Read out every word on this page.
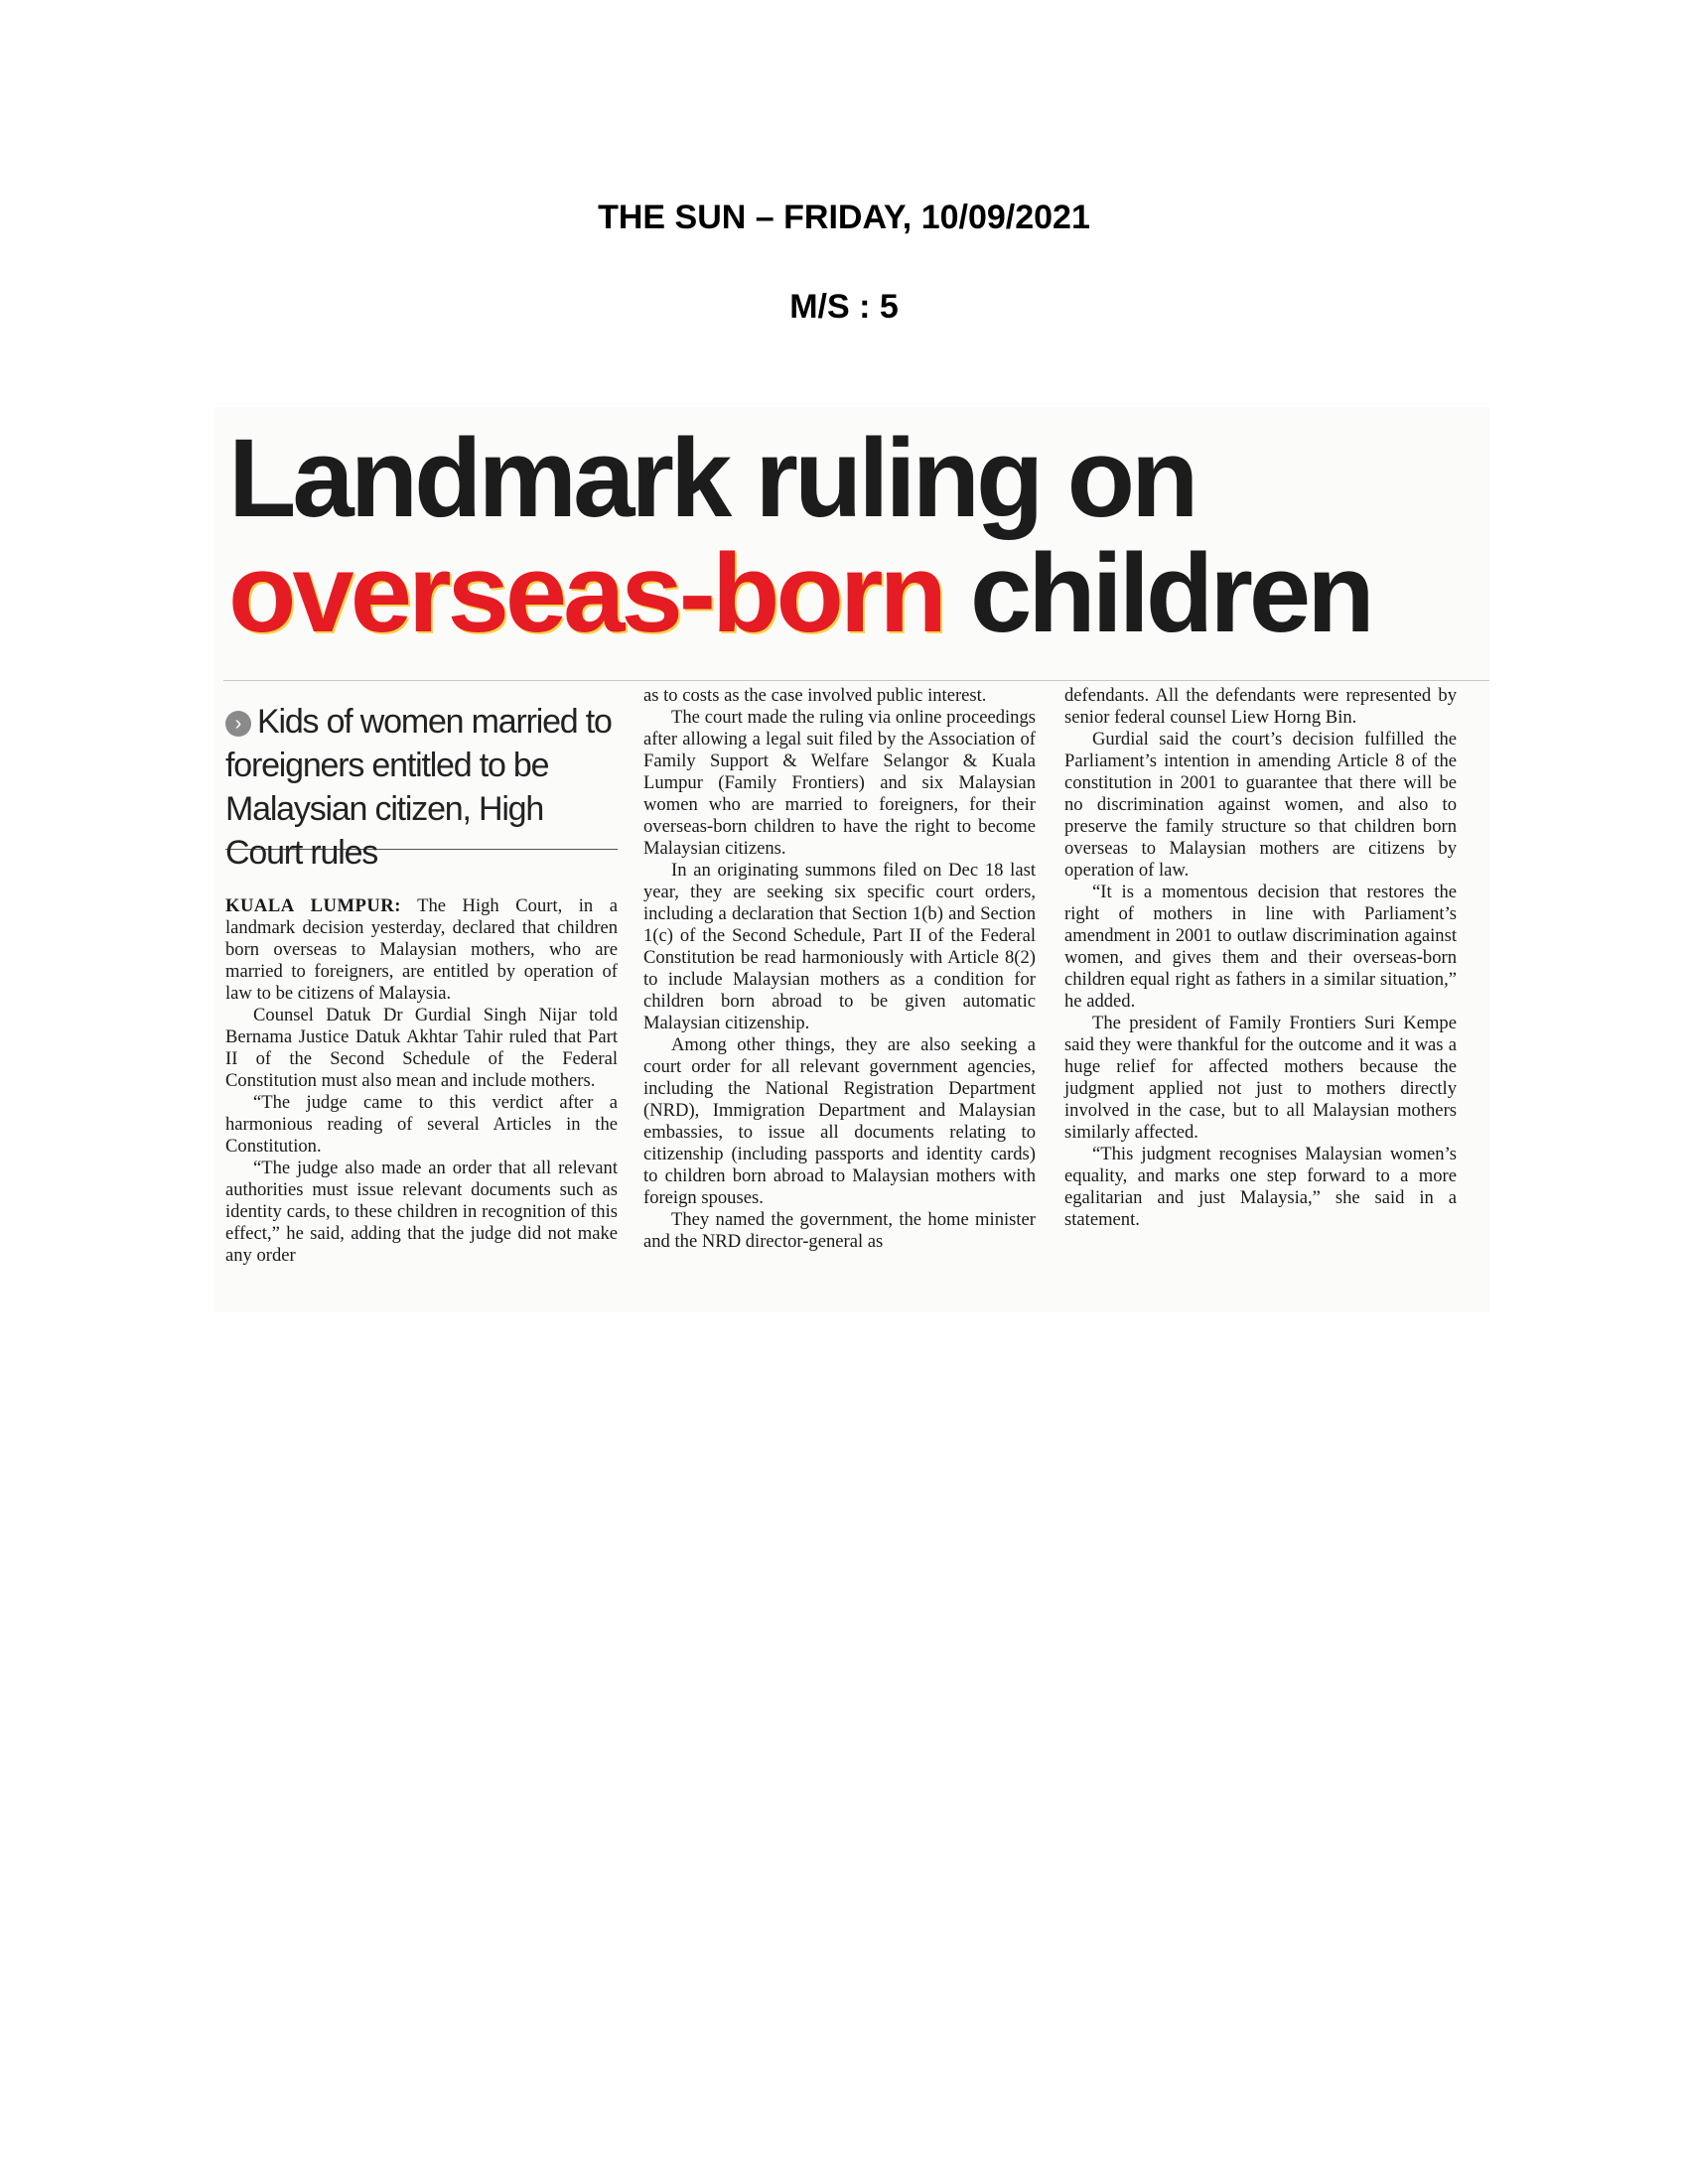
THE SUN – FRIDAY, 10/09/2021
M/S : 5
Landmark ruling on
overseas-born children
› Kids of women married to foreigners entitled to be Malaysian citizen, High Court rules

KUALA LUMPUR: The High Court, in a landmark decision yesterday, declared that children born overseas to Malaysian mothers, who are married to foreigners, are entitled by operation of law to be citizens of Malaysia.

Counsel Datuk Dr Gurdial Singh Nijar told Bernama Justice Datuk Akhtar Tahir ruled that Part II of the Second Schedule of the Federal Constitution must also mean and include mothers.

“The judge came to this verdict after a harmonious reading of several Articles in the Constitution.

“The judge also made an order that all relevant authorities must issue relevant documents such as identity cards, to these children in recognition of this effect,” he said, adding that the judge did not make any order

as to costs as the case involved public interest.

The court made the ruling via online proceedings after allowing a legal suit filed by the Association of Family Support & Welfare Selangor & Kuala Lumpur (Family Frontiers) and six Malaysian women who are married to foreigners, for their overseas-born children to have the right to become Malaysian citizens.

In an originating summons filed on Dec 18 last year, they are seeking six specific court orders, including a declaration that Section 1(b) and Section 1(c) of the Second Schedule, Part II of the Federal Constitution be read harmoniously with Article 8(2) to include Malaysian mothers as a condition for children born abroad to be given automatic Malaysian citizenship.

Among other things, they are also seeking a court order for all relevant government agencies, including the National Registration Department (NRD), Immigration Department and Malaysian embassies, to issue all documents relating to citizenship (including passports and identity cards) to children born abroad to Malaysian mothers with foreign spouses.

They named the government, the home minister and the NRD director-general as

defendants. All the defendants were represented by senior federal counsel Liew Horng Bin.

Gurdial said the court’s decision fulfilled the Parliament’s intention in amending Article 8 of the constitution in 2001 to guarantee that there will be no discrimination against women, and also to preserve the family structure so that children born overseas to Malaysian mothers are citizens by operation of law.

“It is a momentous decision that restores the right of mothers in line with Parliament’s amendment in 2001 to outlaw discrimination against women, and gives them and their overseas-born children equal right as fathers in a similar situation,” he added.

The president of Family Frontiers Suri Kempe said they were thankful for the outcome and it was a huge relief for affected mothers because the judgment applied not just to mothers directly involved in the case, but to all Malaysian mothers similarly affected.

“This judgment recognises Malaysian women’s equality, and marks one step forward to a more egalitarian and just Malaysia,” she said in a statement.
